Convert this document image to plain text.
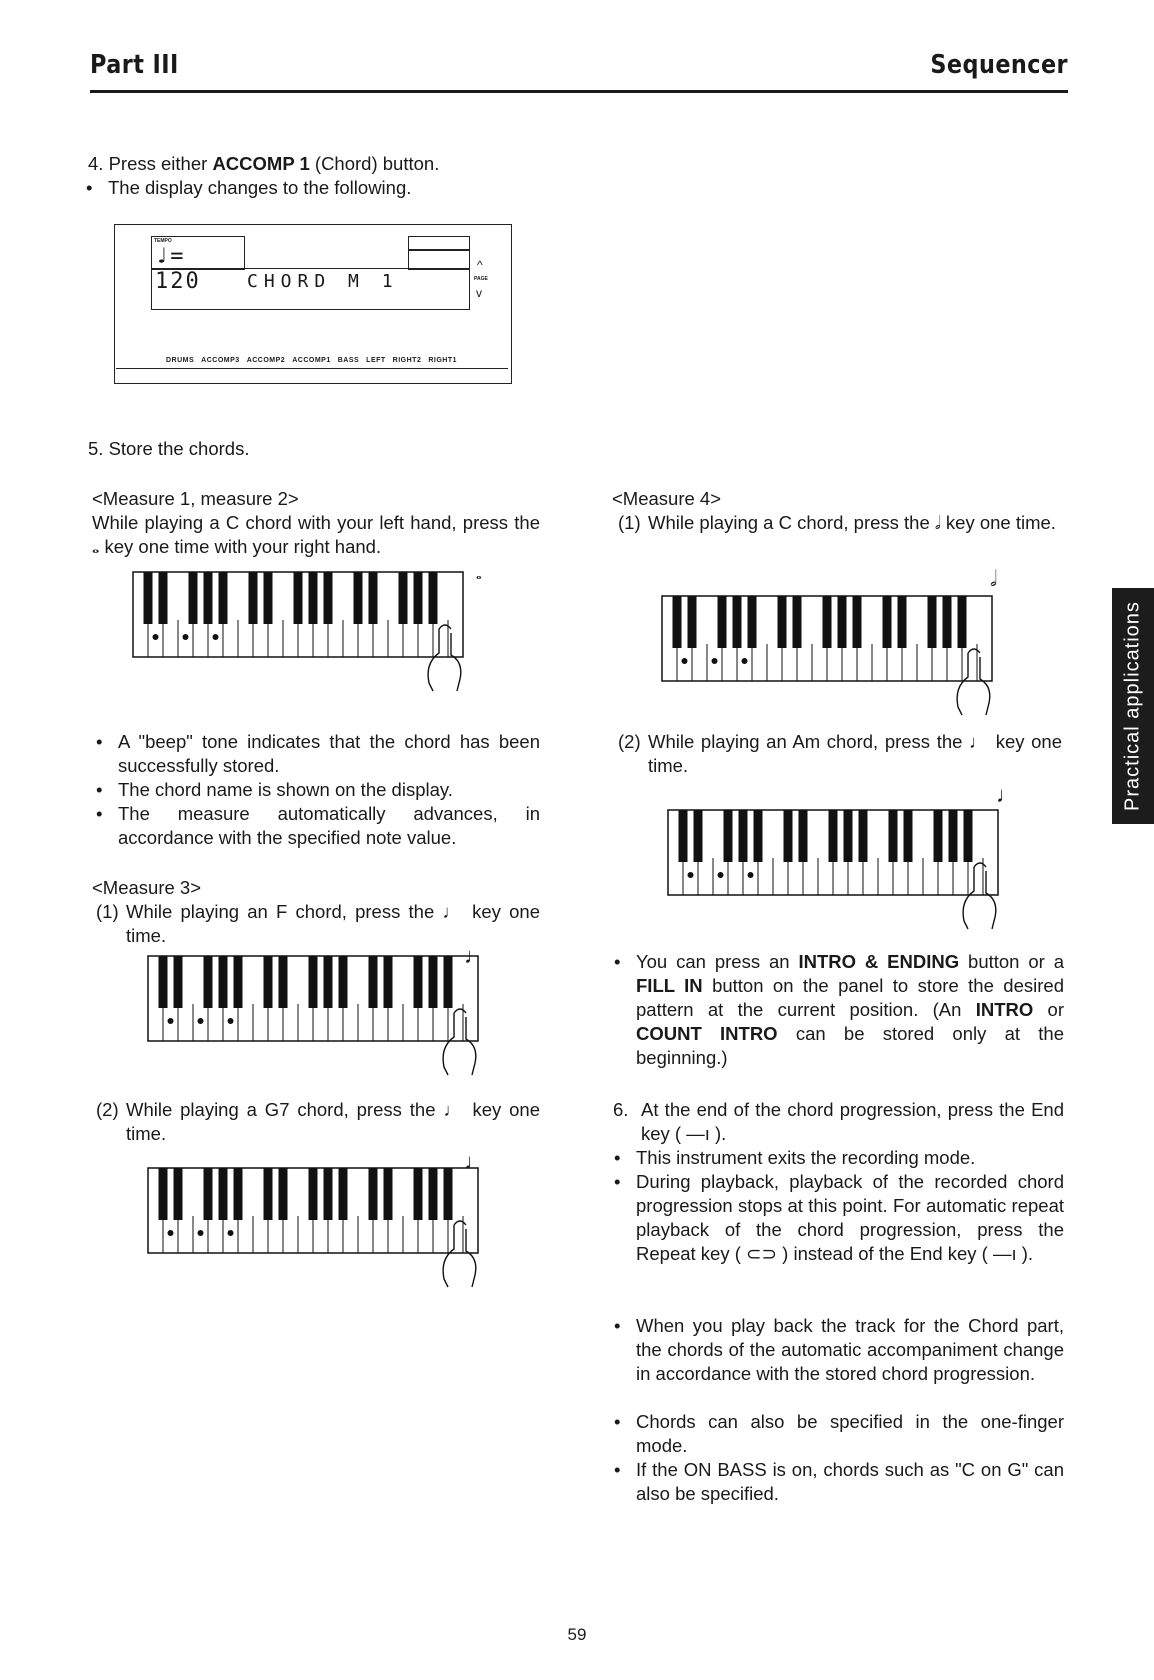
Part III	Sequencer
4. Press either ACCOMP 1 (Chord) button.
• The display changes to the following.
TEMPO
♩= 120	CHORD M 1
^
PAGE
v
DRUMS ACCOMP3 ACCOMP2 ACCOMP1 BASS LEFT RIGHT2 RIGHT1
5. Store the chords.
<Measure 1, measure 2>
While playing a C chord with your left hand, press the 𝅝 key one time with your right hand.
𝅝
• A "beep" tone indicates that the chord has been successfully stored.
• The chord name is shown on the display.
• The measure automatically advances, in accordance with the specified note value.
<Measure 3>
(1) While playing an F chord, press the ♩ key one time.
♩
(2) While playing a G7 chord, press the ♩ key one time.
♩
<Measure 4>
(1) While playing a C chord, press the 𝅗𝅥 key one time.
𝅗𝅥
(2) While playing an Am chord, press the ♩ key one time.
♩
• You can press an INTRO & ENDING button or a FILL IN button on the panel to store the desired pattern at the current position. (An INTRO or COUNT INTRO can be stored only at the beginning.)
6. At the end of the chord progression, press the End key ( —ı ).
• This instrument exits the recording mode.
• During playback, playback of the recorded chord progression stops at this point. For automatic repeat playback of the chord progression, press the Repeat key ( ⊂⊃ ) instead of the End key ( —ı ).
• When you play back the track for the Chord part, the chords of the automatic accompaniment change in accordance with the stored chord progression.
• Chords can also be specified in the one-finger mode.
• If the ON BASS is on, chords such as "C on G" can also be specified.
Practical applications
59
